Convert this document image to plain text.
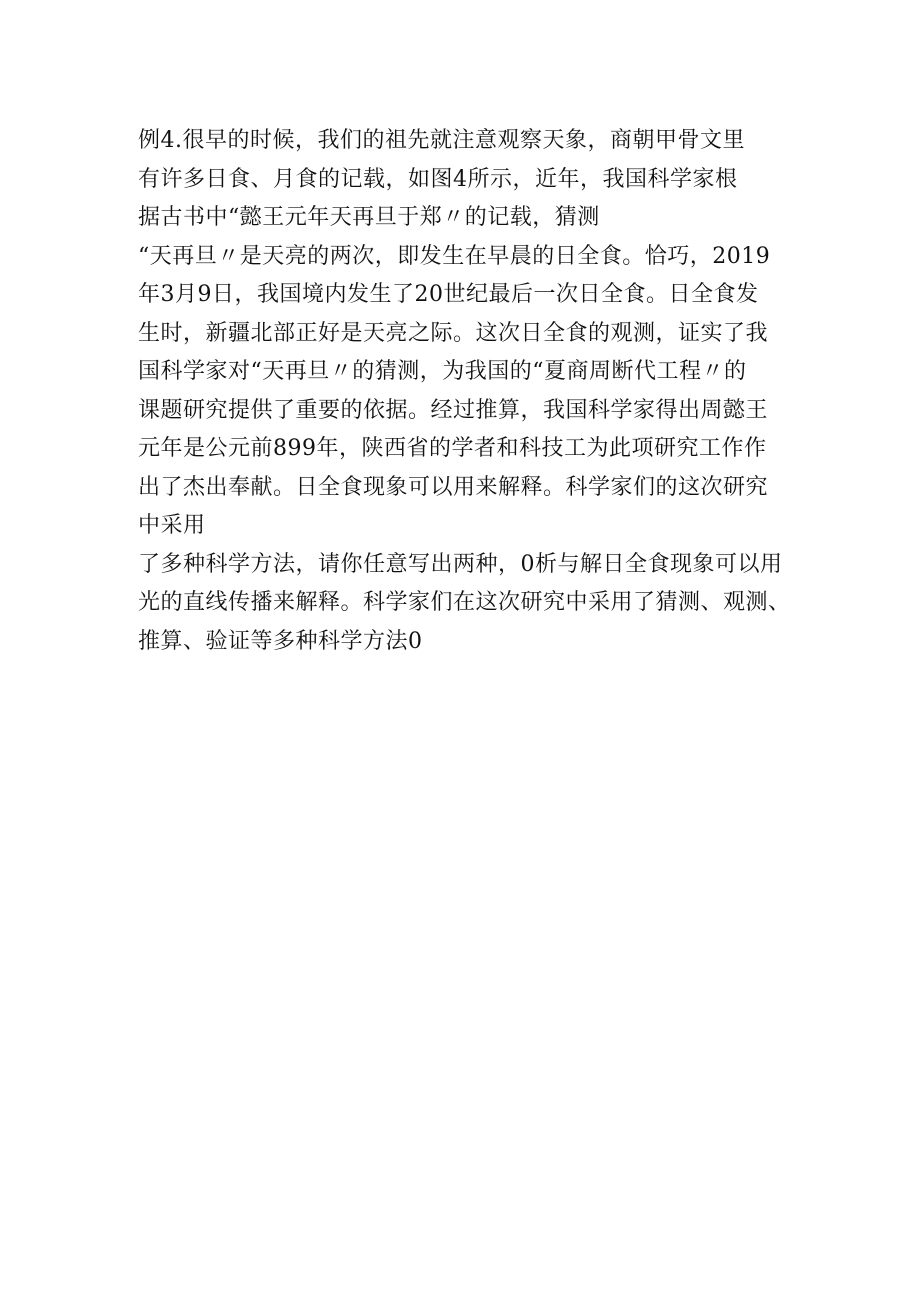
例4.很早的时候，我们的祖先就注意观察天象，商朝甲骨文里
有许多日食、月食的记载，如图4所示，近年，我国科学家根
据古书中“懿王元年天再旦于郑〃的记载，猜测
“天再旦〃是天亮的两次，即发生在早晨的日全食。恰巧，2019
年3月9日，我国境内发生了20世纪最后一次日全食。日全食发
生时，新疆北部正好是天亮之际。这次日全食的观测，证实了我
国科学家对“天再旦〃的猜测，为我国的“夏商周断代工程〃的
课题研究提供了重要的依据。经过推算，我国科学家得出周懿王
元年是公元前899年，陕西省的学者和科技工为此项研究工作作
出了杰出奉献。日全食现象可以用来解释。科学家们的这次研究
中采用
了多种科学方法，请你任意写出两种，0析与解日全食现象可以用
光的直线传播来解释。科学家们在这次研究中采用了猜测、观测、
推算、验证等多种科学方法0
